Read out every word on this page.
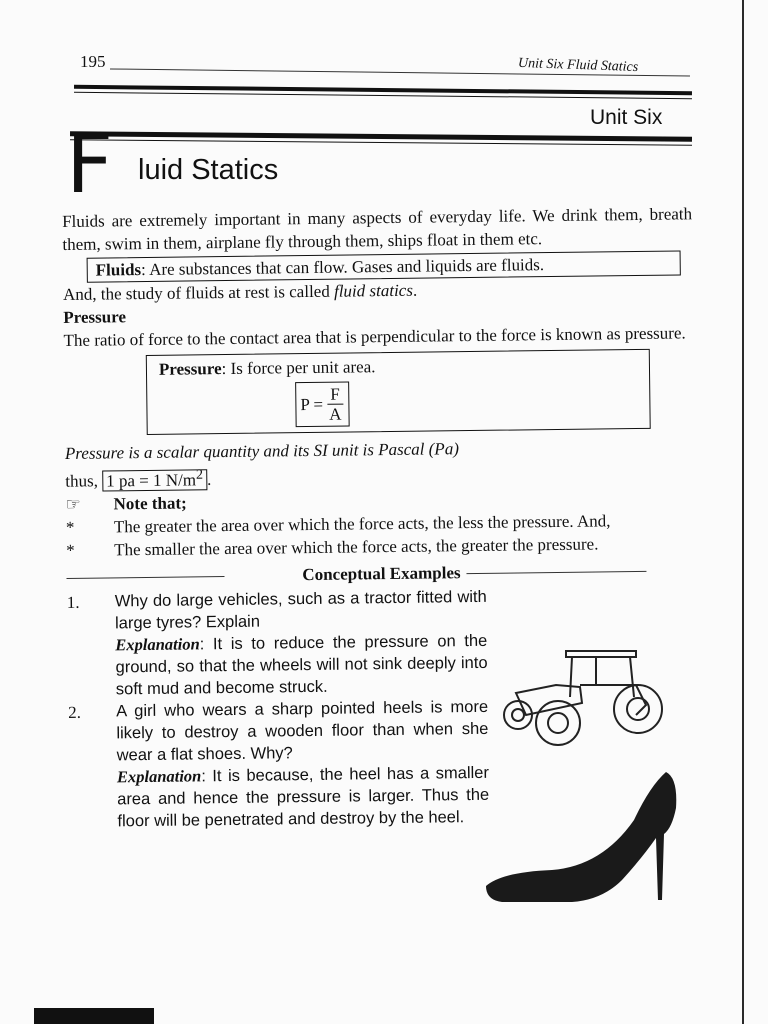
195	Unit Six Fluid Statics
Unit Six
F luid Statics

Fluids are extremely important in many aspects of everyday life. We drink them, breath them, swim in them, airplane fly through them, ships float in them etc.

Fluids: Are substances that can flow. Gases and liquids are fluids.

And, the study of fluids at rest is called fluid statics.

Pressure

The ratio of force to the contact area that is perpendicular to the force is known as pressure.

Pressure: Is force per unit area.
$P = \frac{F}{A}$

Pressure is a scalar quantity and its SI unit is Pascal (Pa)

thus, 1 pa = 1 $N/m^2$ .
☞	Note that;
*	The greater the area over which the force acts, the less the pressure. And,
*	The smaller the area over which the force acts, the greater the pressure.
Conceptual Examples
1.	Why do large vehicles, such as a tractor fitted with large tyres? Explain
Explanation: It is to reduce the pressure on the ground, so that the wheels will not sink deeply into soft mud and become struck.
2.	A girl who wears a sharp pointed heels is more likely to destroy a wooden floor than when she wear a flat shoes. Why?
Explanation: It is because, the heel has a smaller area and hence the pressure is larger. Thus the floor will be penetrated and destroy by the heel.
